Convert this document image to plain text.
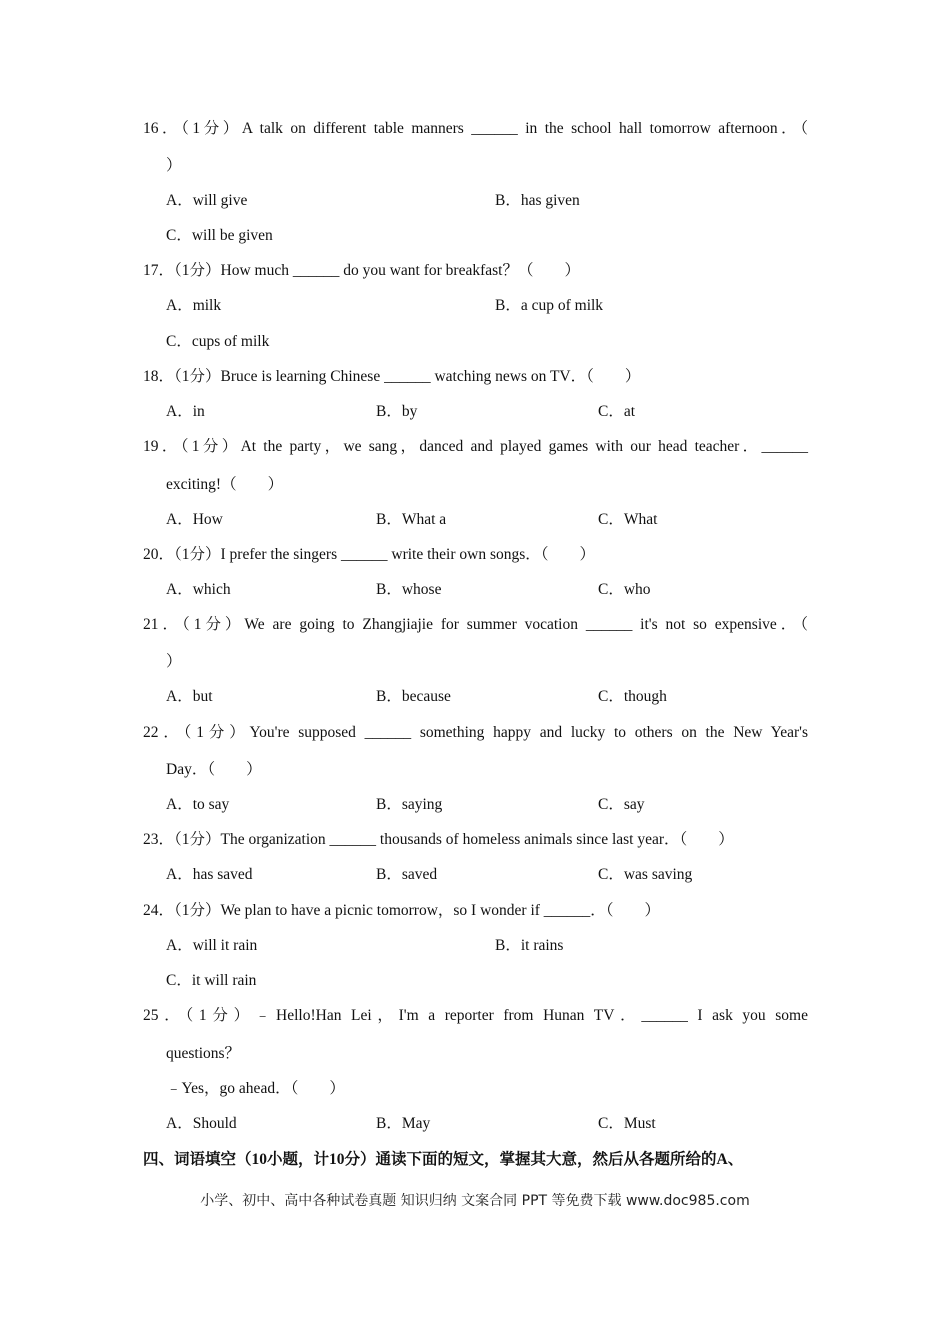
16．（1分）A talk on different table manners ______ in the school hall tomorrow afternoon．（
）
A．will give	B．has given
C．will be given
17．（1分）How much ______ do you want for breakfast？（　　）
A．milk	B．a cup of milk
C．cups of milk
18．（1分）Bruce is learning Chinese ______ watching news on TV．（　　）
A．in	B．by	C．at
19．（1分）At the party，we sang，danced and played games with our head teacher．______
exciting!（　　）
A．How	B．What a	C．What
20．（1分）I prefer the singers ______ write their own songs．（　　）
A．which	B．whose	C．who
21．（1分）We are going to Zhangjiajie for summer vocation ______ it's not so expensive．（
）
A．but	B．because	C．though
22．（1分）You're supposed ______ something happy and lucky to others on the New Year's
Day．（　　）
A．to say	B．saying	C．say
23．（1分）The organization ______ thousands of homeless animals since last year．（　　）
A．has saved	B．saved	C．was saving
24．（1分）We plan to have a picnic tomorrow，so I wonder if ______．（　　）
A．will it rain	B．it rains
C．it will rain
25．（1分）﹣Hello!Han Lei，I'm a reporter from Hunan TV．______ I ask you some
questions？
﹣Yes，go ahead．（　　）
A．Should	B．May	C．Must
四、词语填空（10小题，计10分）通读下面的短文，掌握其大意，然后从各题所给的A、
小学、初中、高中各种试卷真题 知识归纳 文案合同 PPT 等免费下载 www.doc985.com
